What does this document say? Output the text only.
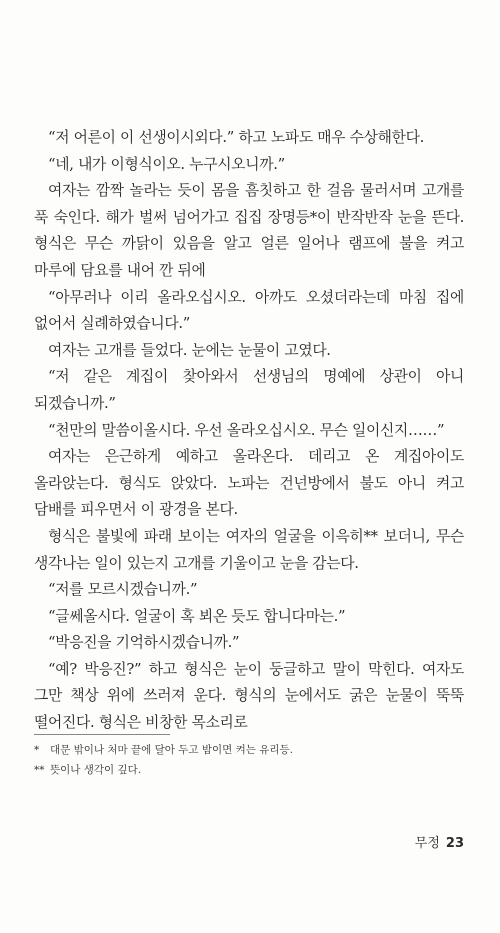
“저 어른이 이 선생이시외다.” 하고 노파도 매우 수상해한다.

“네, 내가 이형식이오. 누구시오니까.”

여자는 깜짝 놀라는 듯이 몸을 흠칫하고 한 걸음 물러서며 고개를 푹 숙인다. 해가 벌써 넘어가고 집집 장명등*이 반작반작 눈을 뜬다. 형식은 무슨 까닭이 있음을 알고 얼른 일어나 램프에 불을 켜고 마루에 담요를 내어 깐 뒤에

“아무러나 이리 올라오십시오. 아까도 오셨더라는데 마침 집에 없어서 실례하였습니다.”

여자는 고개를 들었다. 눈에는 눈물이 고였다.

“저 같은 계집이 찾아와서 선생님의 명예에 상관이 아니 되겠습니까.”

“천만의 말씀이올시다. 우선 올라오십시오. 무슨 일이신지……”

여자는 은근하게 예하고 올라온다. 데리고 온 계집아이도 올라앉는다. 형식도 앉았다. 노파는 건넌방에서 불도 아니 켜고 담배를 피우면서 이 광경을 본다.

형식은 불빛에 파래 보이는 여자의 얼굴을 이윽히** 보더니, 무슨 생각나는 일이 있는지 고개를 기울이고 눈을 감는다.

“저를 모르시겠습니까.”

“글쎄올시다. 얼굴이 혹 뵈온 듯도 합니다마는.”

“박응진을 기억하시겠습니까.”

“예? 박응진?” 하고 형식은 눈이 둥글하고 말이 막힌다. 여자도 그만 책상 위에 쓰러져 운다. 형식의 눈에서도 굵은 눈물이 뚝뚝 떨어진다. 형식은 비창한 목소리로

* 대문 밖이나 처마 끝에 달아 두고 밤이면 켜는 유리등.

** 뜻이나 생각이 깊다.

무정 23
